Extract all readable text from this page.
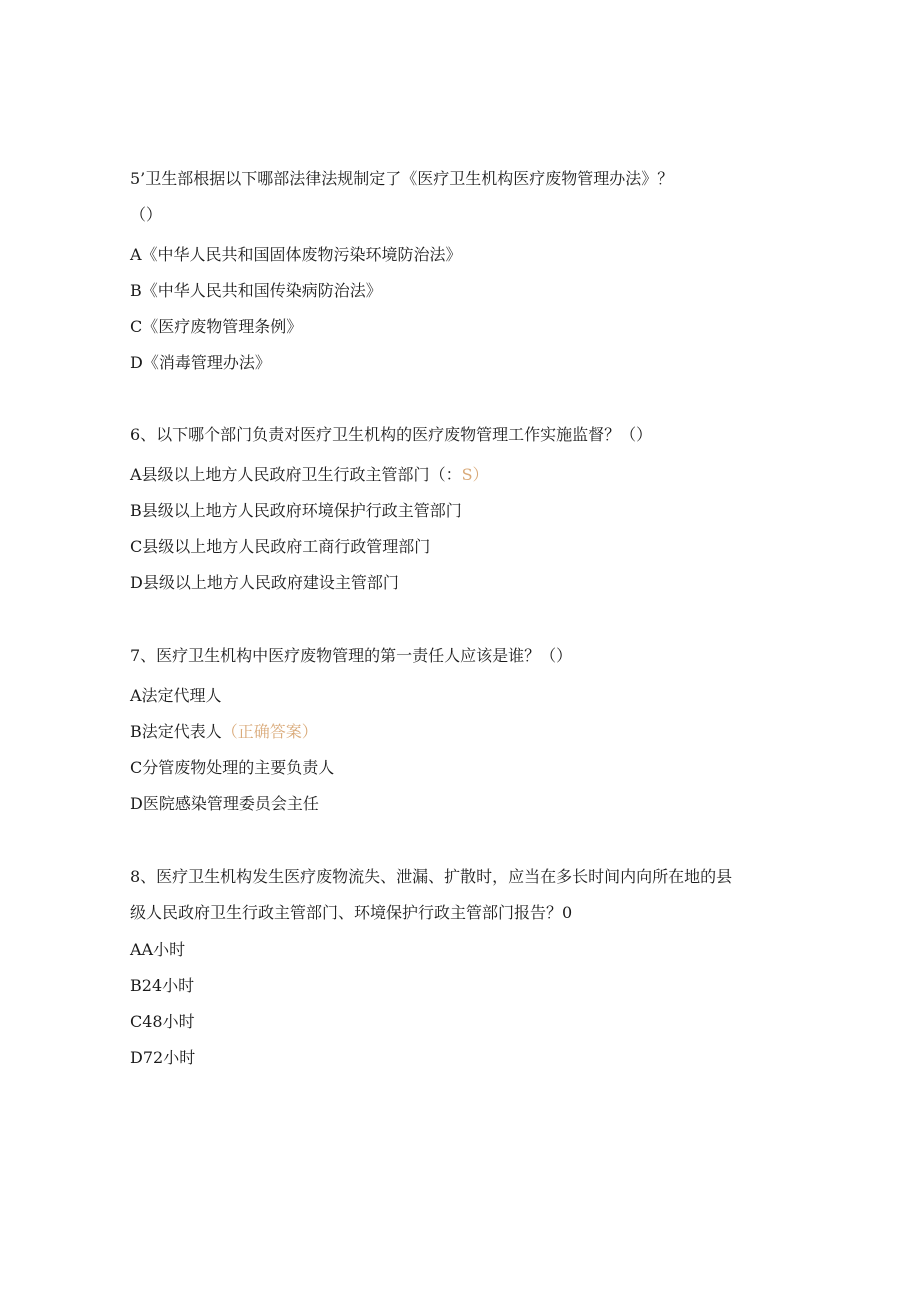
5’卫生部根据以下哪部法律法规制定了《医疗卫生机构医疗废物管理办法》？
（）
A《中华人民共和国固体废物污染环境防治法》
B《中华人民共和国传染病防治法》
C《医疗废物管理条例》
D《消毒管理办法》
6、以下哪个部门负责对医疗卫生机构的医疗废物管理工作实施监督？（）
A县级以上地方人民政府卫生行政主管部门（：S）
B县级以上地方人民政府环境保护行政主管部门
C县级以上地方人民政府工商行政管理部门
D县级以上地方人民政府建设主管部门
7、医疗卫生机构中医疗废物管理的第一责任人应该是谁？（）
A法定代理人
B法定代表人（正确答案）
C分管废物处理的主要负责人
D医院感染管理委员会主任
8、医疗卫生机构发生医疗废物流失、泄漏、扩散时，应当在多长时间内向所在地的县
级人民政府卫生行政主管部门、环境保护行政主管部门报告？0
AA小时
B24小时
C48小时
D72小时
